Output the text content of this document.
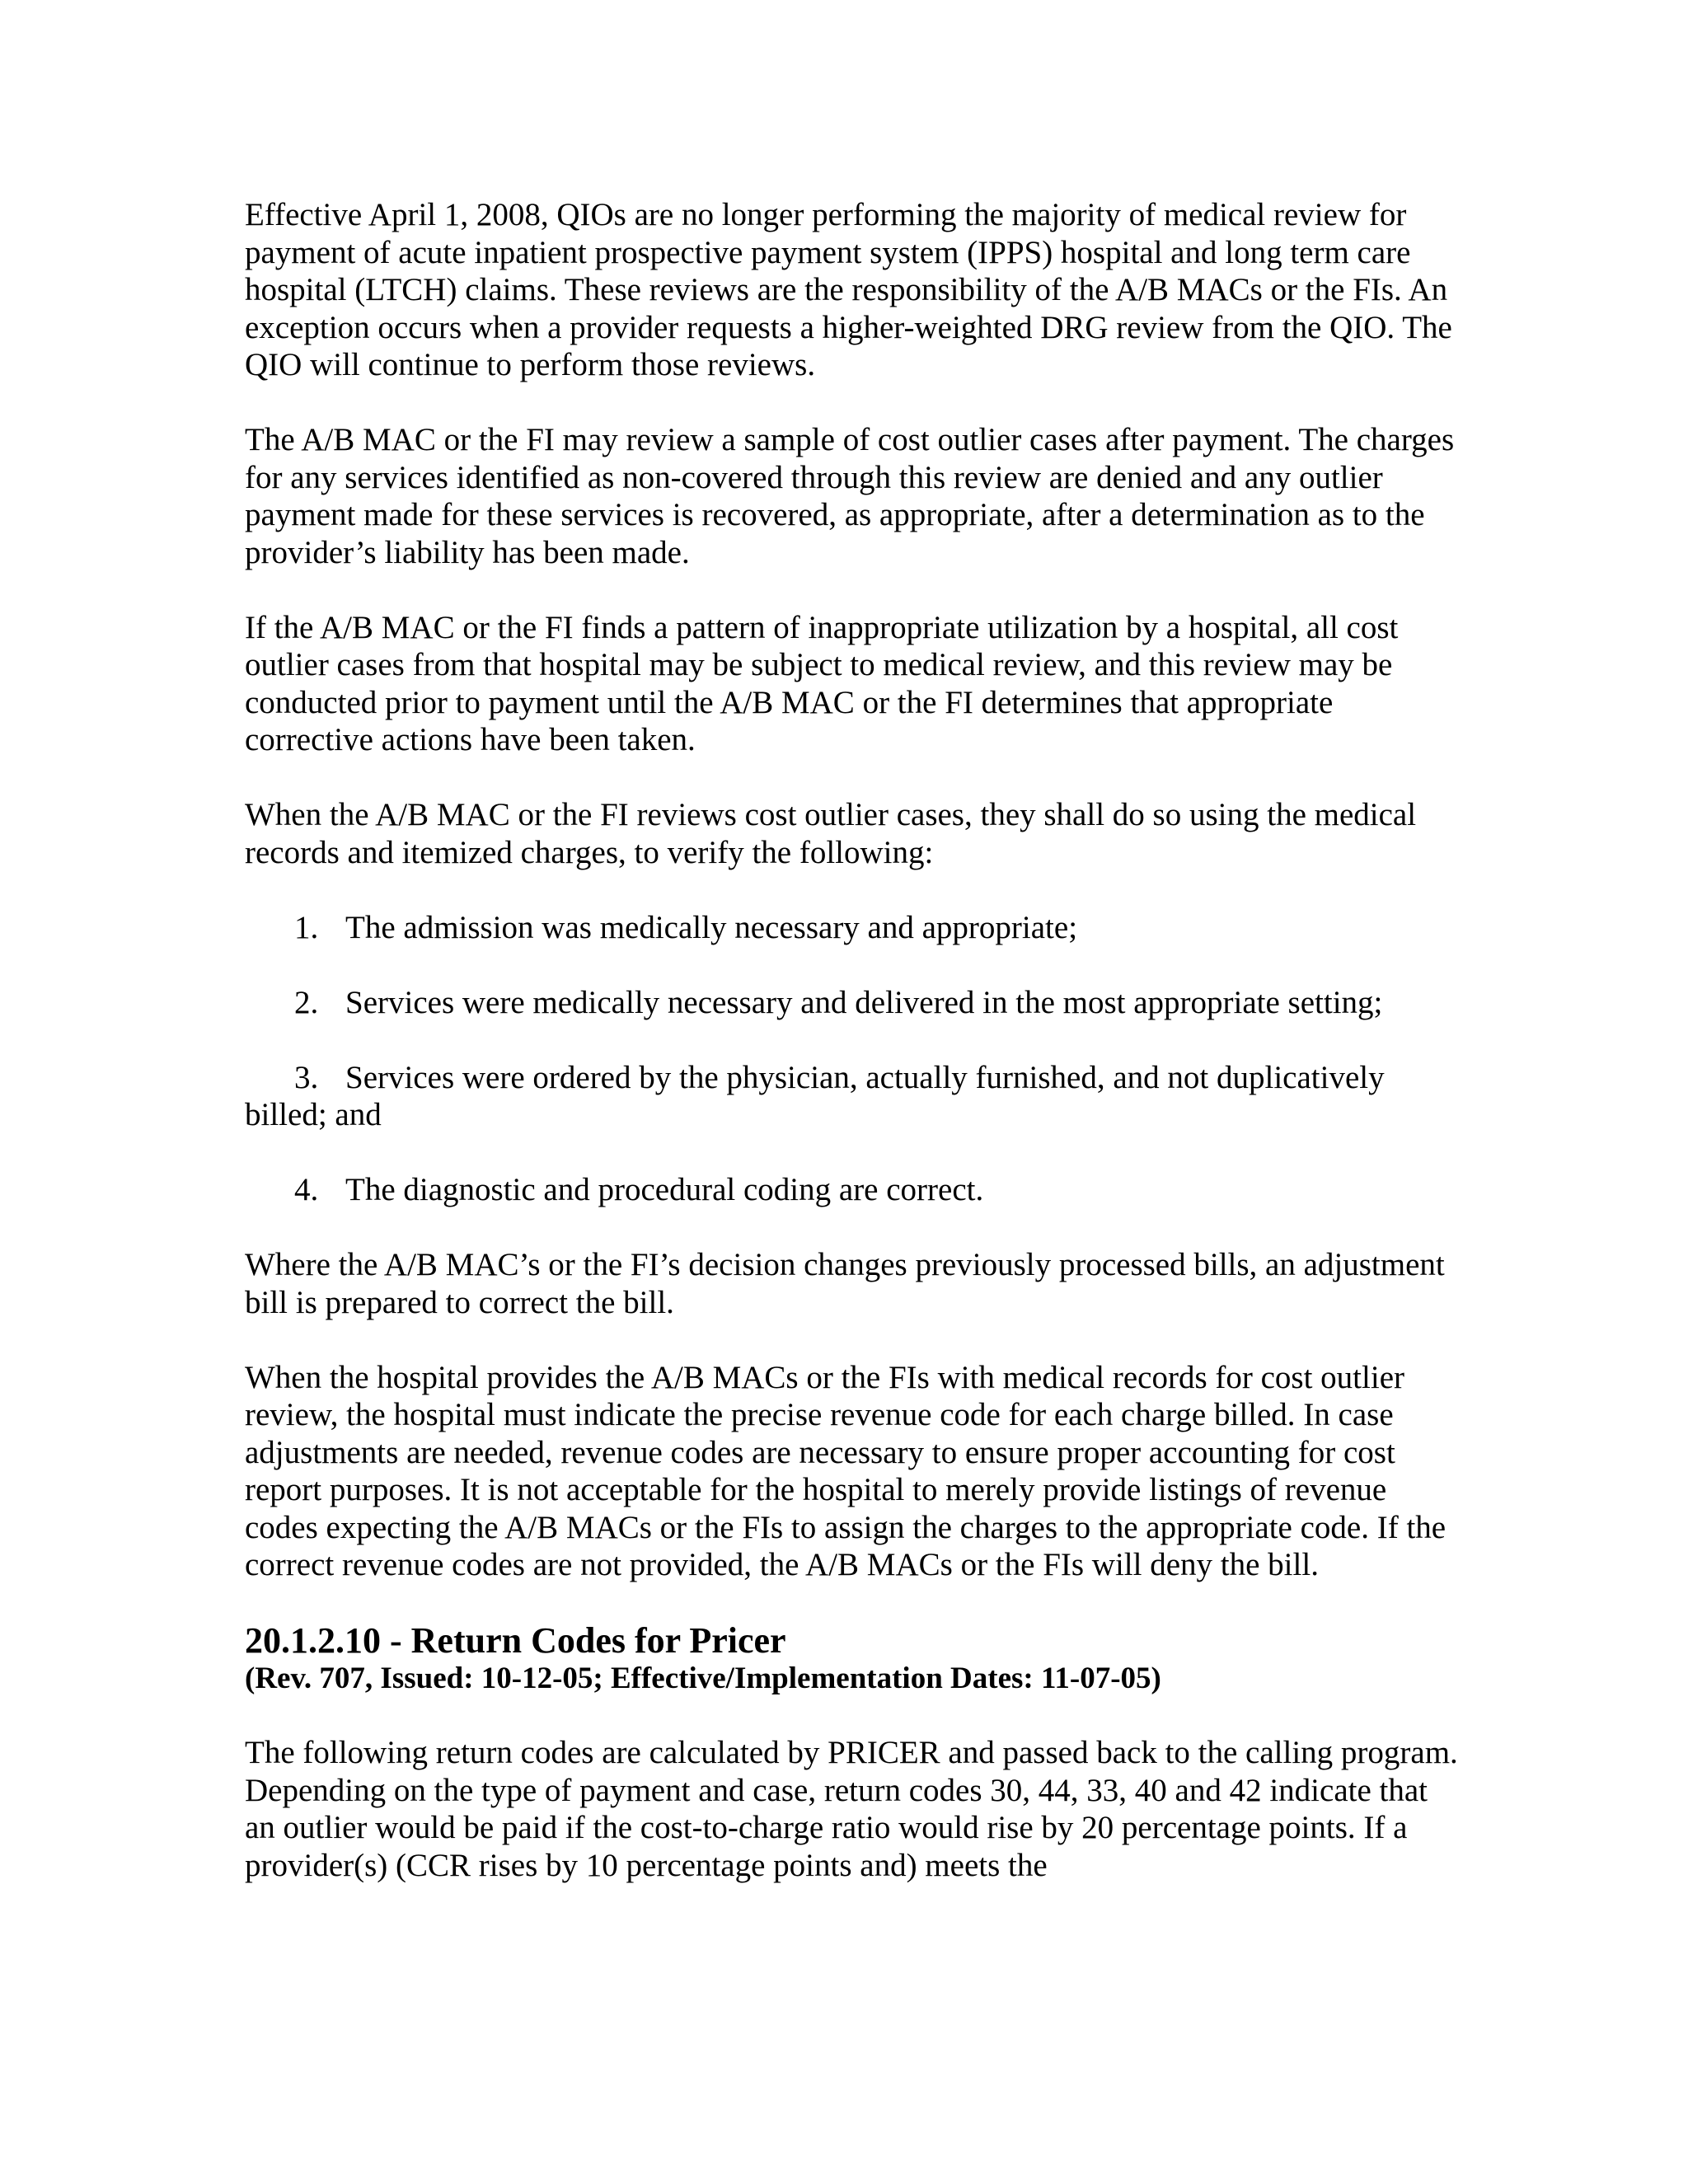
Effective April 1, 2008, QIOs are no longer performing the majority of medical review for payment of acute inpatient prospective payment system (IPPS) hospital and long term care hospital (LTCH) claims. These reviews are the responsibility of the A/B MACs or the FIs. An exception occurs when a provider requests a higher-weighted DRG review from the QIO. The QIO will continue to perform those reviews.

The A/B MAC or the FI may review a sample of cost outlier cases after payment. The charges for any services identified as non-covered through this review are denied and any outlier payment made for these services is recovered, as appropriate, after a determination as to the provider’s liability has been made.

If the A/B MAC or the FI finds a pattern of inappropriate utilization by a hospital, all cost outlier cases from that hospital may be subject to medical review, and this review may be conducted prior to payment until the A/B MAC or the FI determines that appropriate corrective actions have been taken.

When the A/B MAC or the FI reviews cost outlier cases, they shall do so using the medical records and itemized charges, to verify the following:

1. The admission was medically necessary and appropriate;

2. Services were medically necessary and delivered in the most appropriate setting;

3. Services were ordered by the physician, actually furnished, and not duplicatively billed; and

4. The diagnostic and procedural coding are correct.

Where the A/B MAC’s or the FI’s decision changes previously processed bills, an adjustment bill is prepared to correct the bill.

When the hospital provides the A/B MACs or the FIs with medical records for cost outlier review, the hospital must indicate the precise revenue code for each charge billed. In case adjustments are needed, revenue codes are necessary to ensure proper accounting for cost report purposes. It is not acceptable for the hospital to merely provide listings of revenue codes expecting the A/B MACs or the FIs to assign the charges to the appropriate code. If the correct revenue codes are not provided, the A/B MACs or the FIs will deny the bill.

20.1.2.10 - Return Codes for Pricer

(Rev. 707, Issued: 10-12-05; Effective/Implementation Dates: 11-07-05)

The following return codes are calculated by PRICER and passed back to the calling program. Depending on the type of payment and case, return codes 30, 44, 33, 40 and 42 indicate that an outlier would be paid if the cost-to-charge ratio would rise by 20 percentage points. If a provider(s) (CCR rises by 10 percentage points and) meets the
